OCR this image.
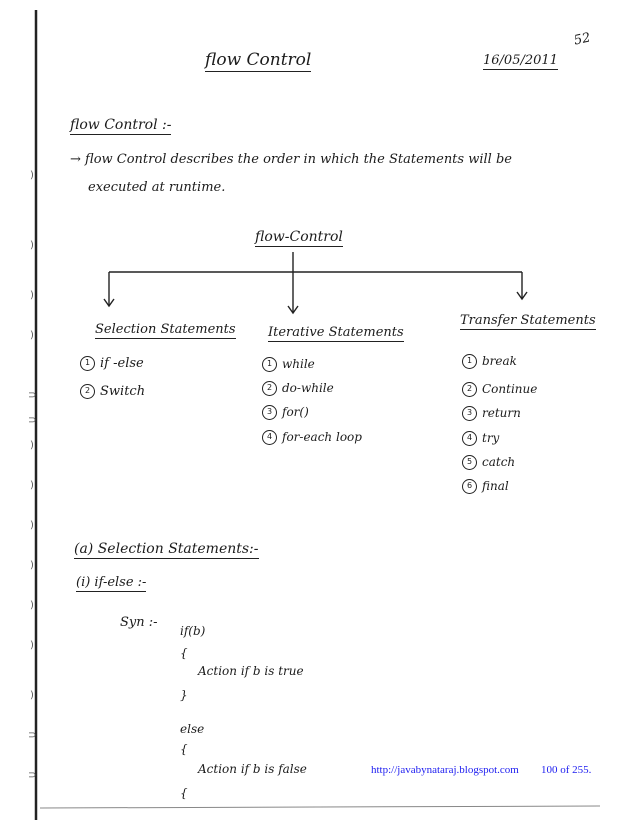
)
)
)
)
⊃
⊃
)
)
)
)
)
)
)
⊃
⊃
flow Control	16/05/2011
52
flow Control :-
→ flow Control describes the order in which the Statements will be
executed at runtime.
flow-Control
Selection Statements Iterative Statements
Transfer Statements
1 if -else
2 Switch
1 while
2 do-while
3 for()
4 for-each loop
1 break
2 Continue
3 return
4 try
5 catch
6 final
(a) Selection Statements:-
(i) if-else :-
Syn :-
if(b)
{
Action if b is true
}
else
{
Action if b is false
{
http://javabynataraj.blogspot.com 100 of 255.
